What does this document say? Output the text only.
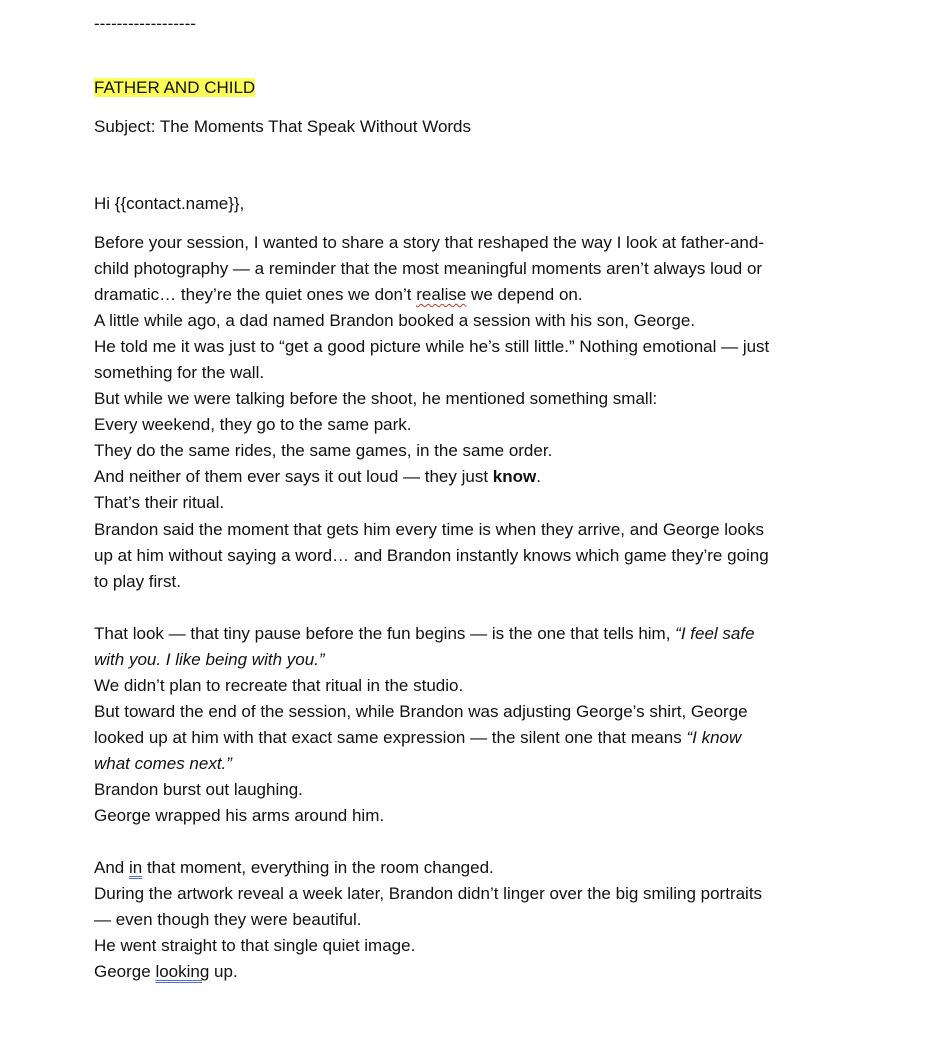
------------------
FATHER AND CHILD
Subject: The Moments That Speak Without Words
Hi {{contact.name}},
Before your session, I wanted to share a story that reshaped the way I look at father-and-
child photography — a reminder that the most meaningful moments aren’t always loud or
dramatic… they’re the quiet ones we don’t realise we depend on.
A little while ago, a dad named Brandon booked a session with his son, George.
He told me it was just to “get a good picture while he’s still little.” Nothing emotional — just
something for the wall.
But while we were talking before the shoot, he mentioned something small:
Every weekend, they go to the same park.
They do the same rides, the same games, in the same order.
And neither of them ever says it out loud — they just know.
That’s their ritual.
Brandon said the moment that gets him every time is when they arrive, and George looks
up at him without saying a word… and Brandon instantly knows which game they’re going
to play first.
That look — that tiny pause before the fun begins — is the one that tells him, “I feel safe
with you. I like being with you.”
We didn’t plan to recreate that ritual in the studio.
But toward the end of the session, while Brandon was adjusting George’s shirt, George
looked up at him with that exact same expression — the silent one that means “I know
what comes next.”
Brandon burst out laughing.
George wrapped his arms around him.
And in that moment, everything in the room changed.
During the artwork reveal a week later, Brandon didn’t linger over the big smiling portraits
— even though they were beautiful.
He went straight to that single quiet image.
George looking up.
